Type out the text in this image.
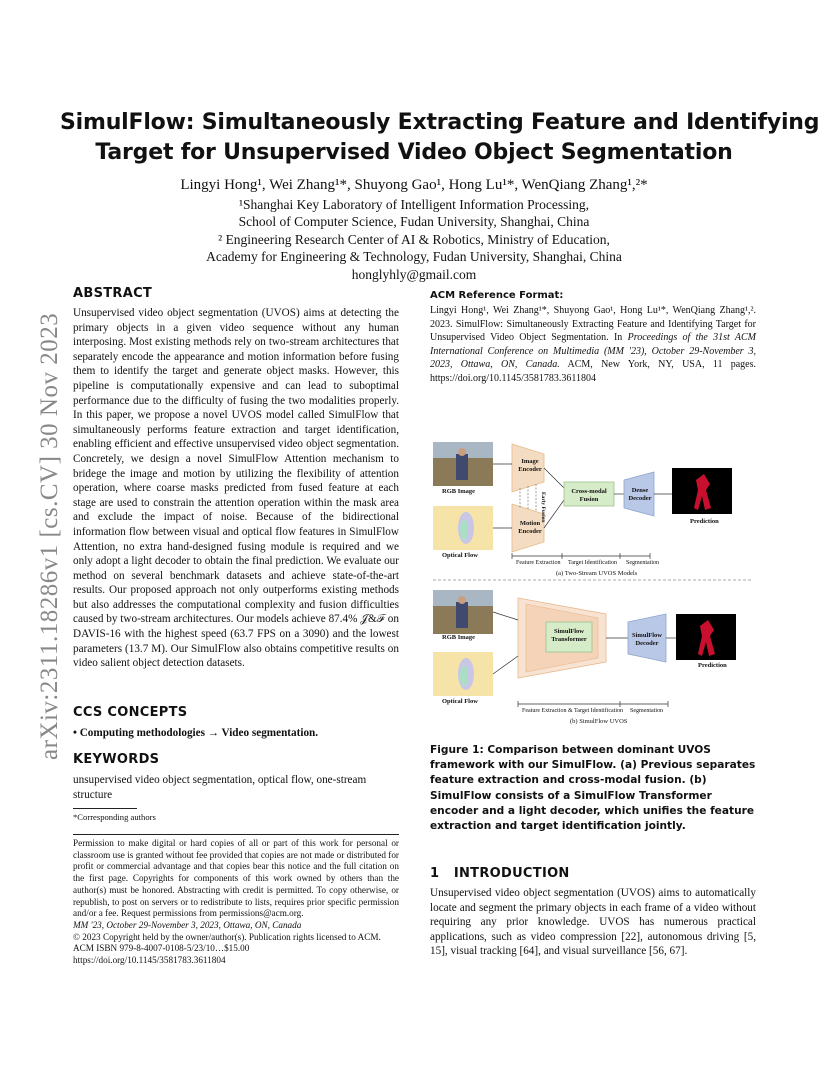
SimulFlow: Simultaneously Extracting Feature and Identifying
Target for Unsupervised Video Object Segmentation
Lingyi Hong¹, Wei Zhang¹*, Shuyong Gao¹, Hong Lu¹*, WenQiang Zhang¹,²*
¹Shanghai Key Laboratory of Intelligent Information Processing,
School of Computer Science, Fudan University, Shanghai, China
² Engineering Research Center of AI & Robotics, Ministry of Education,
Academy for Engineering & Technology, Fudan University, Shanghai, China
honglyhly@gmail.com
arXiv:2311.18286v1 [cs.CV] 30 Nov 2023
ABSTRACT
Unsupervised video object segmentation (UVOS) aims at detecting the primary objects in a given video sequence without any human interposing. Most existing methods rely on two-stream architectures that separately encode the appearance and motion information before fusing them to identify the target and generate object masks. However, this pipeline is computationally expensive and can lead to suboptimal performance due to the difficulty of fusing the two modalities properly. In this paper, we propose a novel UVOS model called SimulFlow that simultaneously performs feature extraction and target identification, enabling efficient and effective unsupervised video object segmentation. Concretely, we design a novel SimulFlow Attention mechanism to bridege the image and motion by utilizing the flexibility of attention operation, where coarse masks predicted from fused feature at each stage are used to constrain the attention operation within the mask area and exclude the impact of noise. Because of the bidirectional information flow between visual and optical flow features in SimulFlow Attention, no extra hand-designed fusing module is required and we only adopt a light decoder to obtain the final prediction. We evaluate our method on several benchmark datasets and achieve state-of-the-art results. Our proposed approach not only outperforms existing methods but also addresses the computational complexity and fusion difficulties caused by two-stream architectures. Our models achieve 87.4% 𝒥&ℱ on DAVIS-16 with the highest speed (63.7 FPS on a 3090) and the lowest parameters (13.7 M). Our SimulFlow also obtains competitive results on video salient object detection datasets.
CCS CONCEPTS
• Computing methodologies → Video segmentation.
KEYWORDS
unsupervised video object segmentation, optical flow, one-stream structure
*Corresponding authors
Permission to make digital or hard copies of all or part of this work for personal or classroom use is granted without fee provided that copies are not made or distributed for profit or commercial advantage and that copies bear this notice and the full citation on the first page. Copyrights for components of this work owned by others than the author(s) must be honored. Abstracting with credit is permitted. To copy otherwise, or republish, to post on servers or to redistribute to lists, requires prior specific permission and/or a fee. Request permissions from permissions@acm.org.
MM '23, October 29-November 3, 2023, Ottawa, ON, Canada
© 2023 Copyright held by the owner/author(s). Publication rights licensed to ACM.
ACM ISBN 979-8-4007-0108-5/23/10…$15.00
https://doi.org/10.1145/3581783.3611804
ACM Reference Format:
Lingyi Hong¹, Wei Zhang¹*, Shuyong Gao¹, Hong Lu¹*, WenQiang Zhang¹,². 2023. SimulFlow: Simultaneously Extracting Feature and Identifying Target for Unsupervised Video Object Segmentation. In Proceedings of the 31st ACM International Conference on Multimedia (MM '23), October 29-November 3, 2023, Ottawa, ON, Canada. ACM, New York, NY, USA, 11 pages. https://doi.org/10.1145/3581783.3611804
RGB Image
Optical Flow
Image Encoder
Motion Encoder
Early Fusion
Cross-modal Fusion
Dense Decoder
Prediction
Feature Extraction Target Identification Segmentation
(a) Two-Stream UVOS Models
RGB Image
Optical Flow
SimulFlow Transformer
SimulFlow Decoder
Prediction
Feature Extraction & Target Identification Segmentation
(b) SimulFlow UVOS
Figure 1: Comparison between dominant UVOS framework with our SimulFlow. (a) Previous separates feature extraction and cross-modal fusion. (b) SimulFlow consists of a SimulFlow Transformer encoder and a light decoder, which unifies the feature extraction and target identification jointly.
1 INTRODUCTION
Unsupervised video object segmentation (UVOS) aims to automatically locate and segment the primary objects in each frame of a video without requiring any prior knowledge. UVOS has numerous practical applications, such as video compression [22], autonomous driving [5, 15], visual tracking [64], and visual surveillance [56, 67].
